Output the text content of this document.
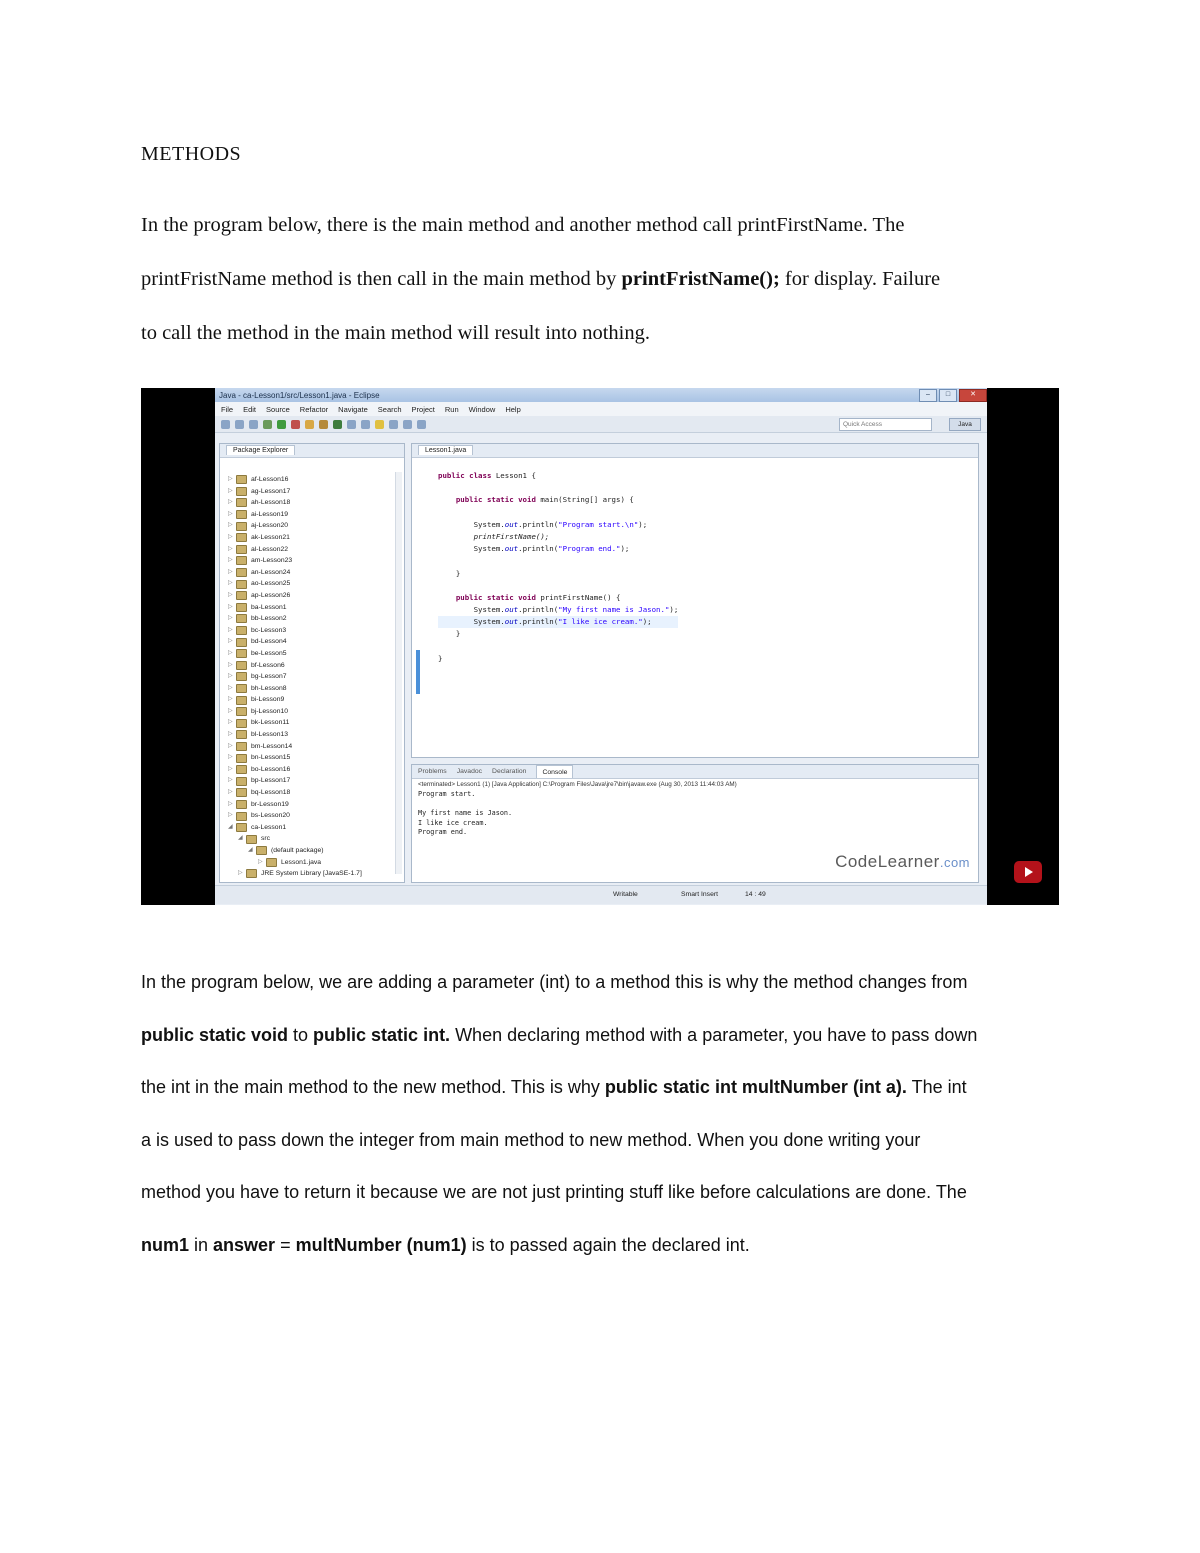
METHODS

In the program below, there is the main method and another method call printFirstName. The
printFristName method is then call in the main method by printFristName(); for display. Failure
to call the method in the main method will result into nothing.

Java - ca-Lesson1/src/Lesson1.java - Eclipse	–	□	✕
File Edit Source Refactor Navigate Search Project Run Window Help
Quick Access	Java
Package Explorer
▷	af-Lesson16
▷	ag-Lesson17
▷	ah-Lesson18
▷	ai-Lesson19
▷	aj-Lesson20
▷	ak-Lesson21
▷	al-Lesson22
▷	am-Lesson23
▷	an-Lesson24
▷	ao-Lesson25
▷	ap-Lesson26
▷	ba-Lesson1
▷	bb-Lesson2
▷	bc-Lesson3
▷	bd-Lesson4
▷	be-Lesson5
▷	bf-Lesson6
▷	bg-Lesson7
▷	bh-Lesson8
▷	bi-Lesson9
▷	bj-Lesson10
▷	bk-Lesson11
▷	bl-Lesson13
▷	bm-Lesson14
▷	bn-Lesson15
▷	bo-Lesson16
▷	bp-Lesson17
▷	bq-Lesson18
▷	br-Lesson19
▷	bs-Lesson20
◢	ca-Lesson1
◢	src
◢	(default package)
▷	Lesson1.java
▷	JRE System Library [JavaSE-1.7]
Lesson1.java
public class Lesson1 {
public static void main(String[] args) {
System.out.println("Program start.\n");
printFirstName();
System.out.println("Program end.");
}
public static void printFirstName() {
System.out.println("My first name is Jason.");
System.out.println("I like ice cream.");
}
}
Problems Javadoc Declaration	Console
<terminated> Lesson1 (1) [Java Application] C:\Program Files\Java\jre7\bin\javaw.exe (Aug 30, 2013 11:44:03 AM)
Program start.
My first name is Jason.
I like ice cream.
Program end.
CodeLearner.com
Writable	Smart Insert	14 : 49

In the program below, we are adding a parameter (int) to a method this is why the method changes from
public static void to public static int. When declaring method with a parameter, you have to pass down
the int in the main method to the new method. This is why public static int multNumber (int a). The int
a is used to pass down the integer from main method to new method. When you done writing your
method you have to return it because we are not just printing stuff like before calculations are done. The
num1 in answer = multNumber (num1) is to passed again the declared int.
